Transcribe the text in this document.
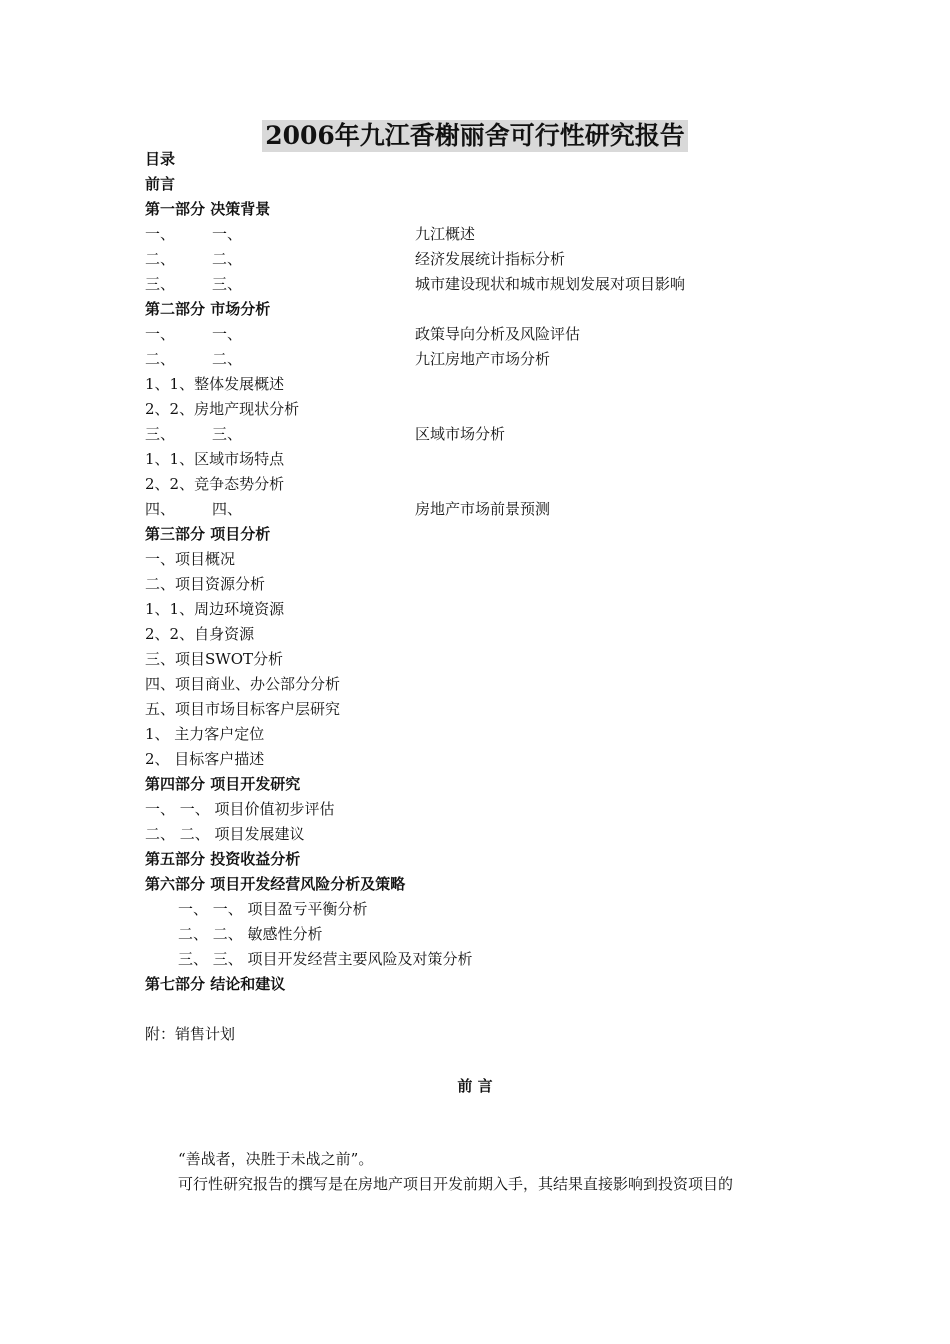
2006年九江香榭丽舍可行性研究报告
目录
前言
第一部分 决策背景
一、 一、	九江概述
二、 二、	经济发展统计指标分析
三、 三、	城市建设现状和城市规划发展对项目影响
第二部分 市场分析
一、 一、	政策导向分析及风险评估
二、 二、	九江房地产市场分析
1、1、整体发展概述
2、2、房地产现状分析
三、 三、	区域市场分析
1、1、区域市场特点
2、2、竞争态势分析
四、 四、	房地产市场前景预测
第三部分 项目分析
一、项目概况
二、项目资源分析
1、1、周边环境资源
2、2、自身资源
三、项目SWOT分析
四、项目商业、办公部分分析
五、项目市场目标客户层研究
1、 主力客户定位
2、 目标客户描述
第四部分 项目开发研究
一、 一、 项目价值初步评估
二、 二、 项目发展建议
第五部分 投资收益分析
第六部分 项目开发经营风险分析及策略
一、 一、 项目盈亏平衡分析
二、 二、 敏感性分析
三、 三、 项目开发经营主要风险及对策分析
第七部分 结论和建议
附：销售计划
前 言
“善战者，决胜于未战之前”。
可行性研究报告的撰写是在房地产项目开发前期入手，其结果直接影响到投资项目的
